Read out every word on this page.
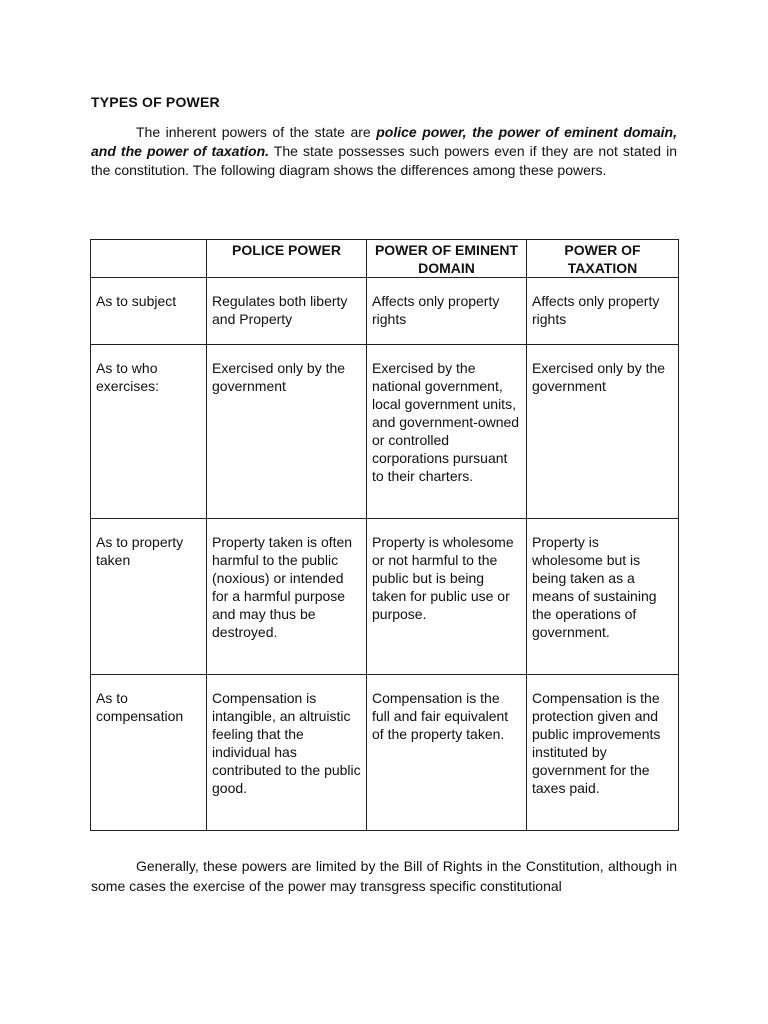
TYPES OF POWER

The inherent powers of the state are police power, the power of eminent domain, and the power of taxation. The state possesses such powers even if they are not stated in the constitution. The following diagram shows the differences among these powers.

	POLICE POWER	POWER OF EMINENT DOMAIN	POWER OF TAXATION
As to subject	Regulates both liberty and Property	Affects only property rights	Affects only property rights
As to who exercises:	Exercised only by the government	Exercised by the national government, local government units, and government-owned or controlled corporations pursuant to their charters.	Exercised only by the government
As to property taken	Property taken is often harmful to the public (noxious) or intended for a harmful purpose and may thus be destroyed.	Property is wholesome or not harmful to the public but is being taken for public use or purpose.	Property is wholesome but is being taken as a means of sustaining the operations of government.
As to compensation	Compensation is intangible, an altruistic feeling that the individual has contributed to the public good.	Compensation is the full and fair equivalent of the property taken.	Compensation is the protection given and public improvements instituted by government for the taxes paid.

Generally, these powers are limited by the Bill of Rights in the Constitution, although in some cases the exercise of the power may transgress specific constitutional
